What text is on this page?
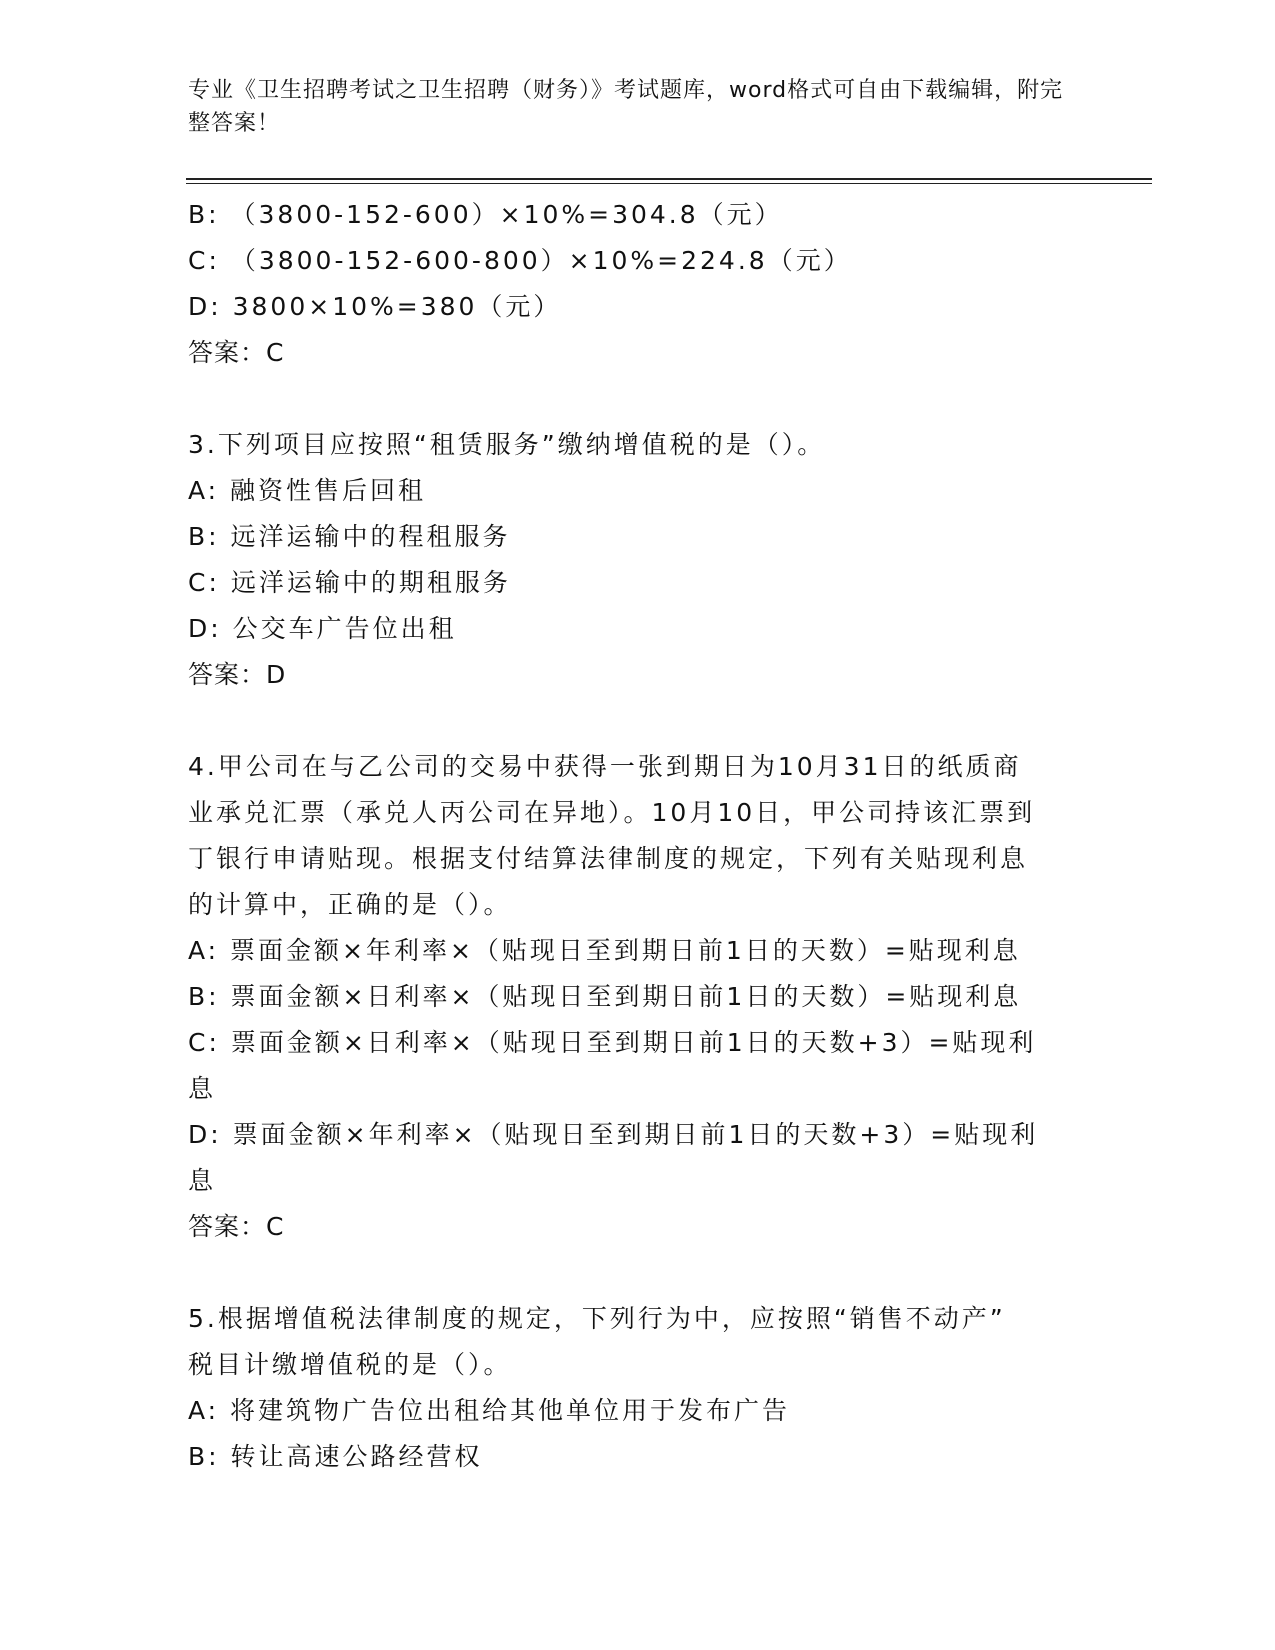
专业《卫生招聘考试之卫生招聘（财务）》考试题库，word格式可自由下载编辑，附完整答案！
B: （3800-152-600）×10%=304.8（元）
C: （3800-152-600-800）×10%=224.8（元）
D: 3800×10%=380（元）
答案：C
3.下列项目应按照“租赁服务”缴纳增值税的是（）。
A: 融资性售后回租
B: 远洋运输中的程租服务
C: 远洋运输中的期租服务
D: 公交车广告位出租
答案：D
4.甲公司在与乙公司的交易中获得一张到期日为10月31日的纸质商
业承兑汇票（承兑人丙公司在异地）。10月10日，甲公司持该汇票到
丁银行申请贴现。根据支付结算法律制度的规定，下列有关贴现利息
的计算中，正确的是（）。
A: 票面金额×年利率×（贴现日至到期日前1日的天数）=贴现利息
B: 票面金额×日利率×（贴现日至到期日前1日的天数）=贴现利息
C: 票面金额×日利率×（贴现日至到期日前1日的天数+3）=贴现利
息
D: 票面金额×年利率×（贴现日至到期日前1日的天数+3）=贴现利
息
答案：C
5.根据增值税法律制度的规定，下列行为中，应按照“销售不动产”
税目计缴增值税的是（）。
A: 将建筑物广告位出租给其他单位用于发布广告
B: 转让高速公路经营权
